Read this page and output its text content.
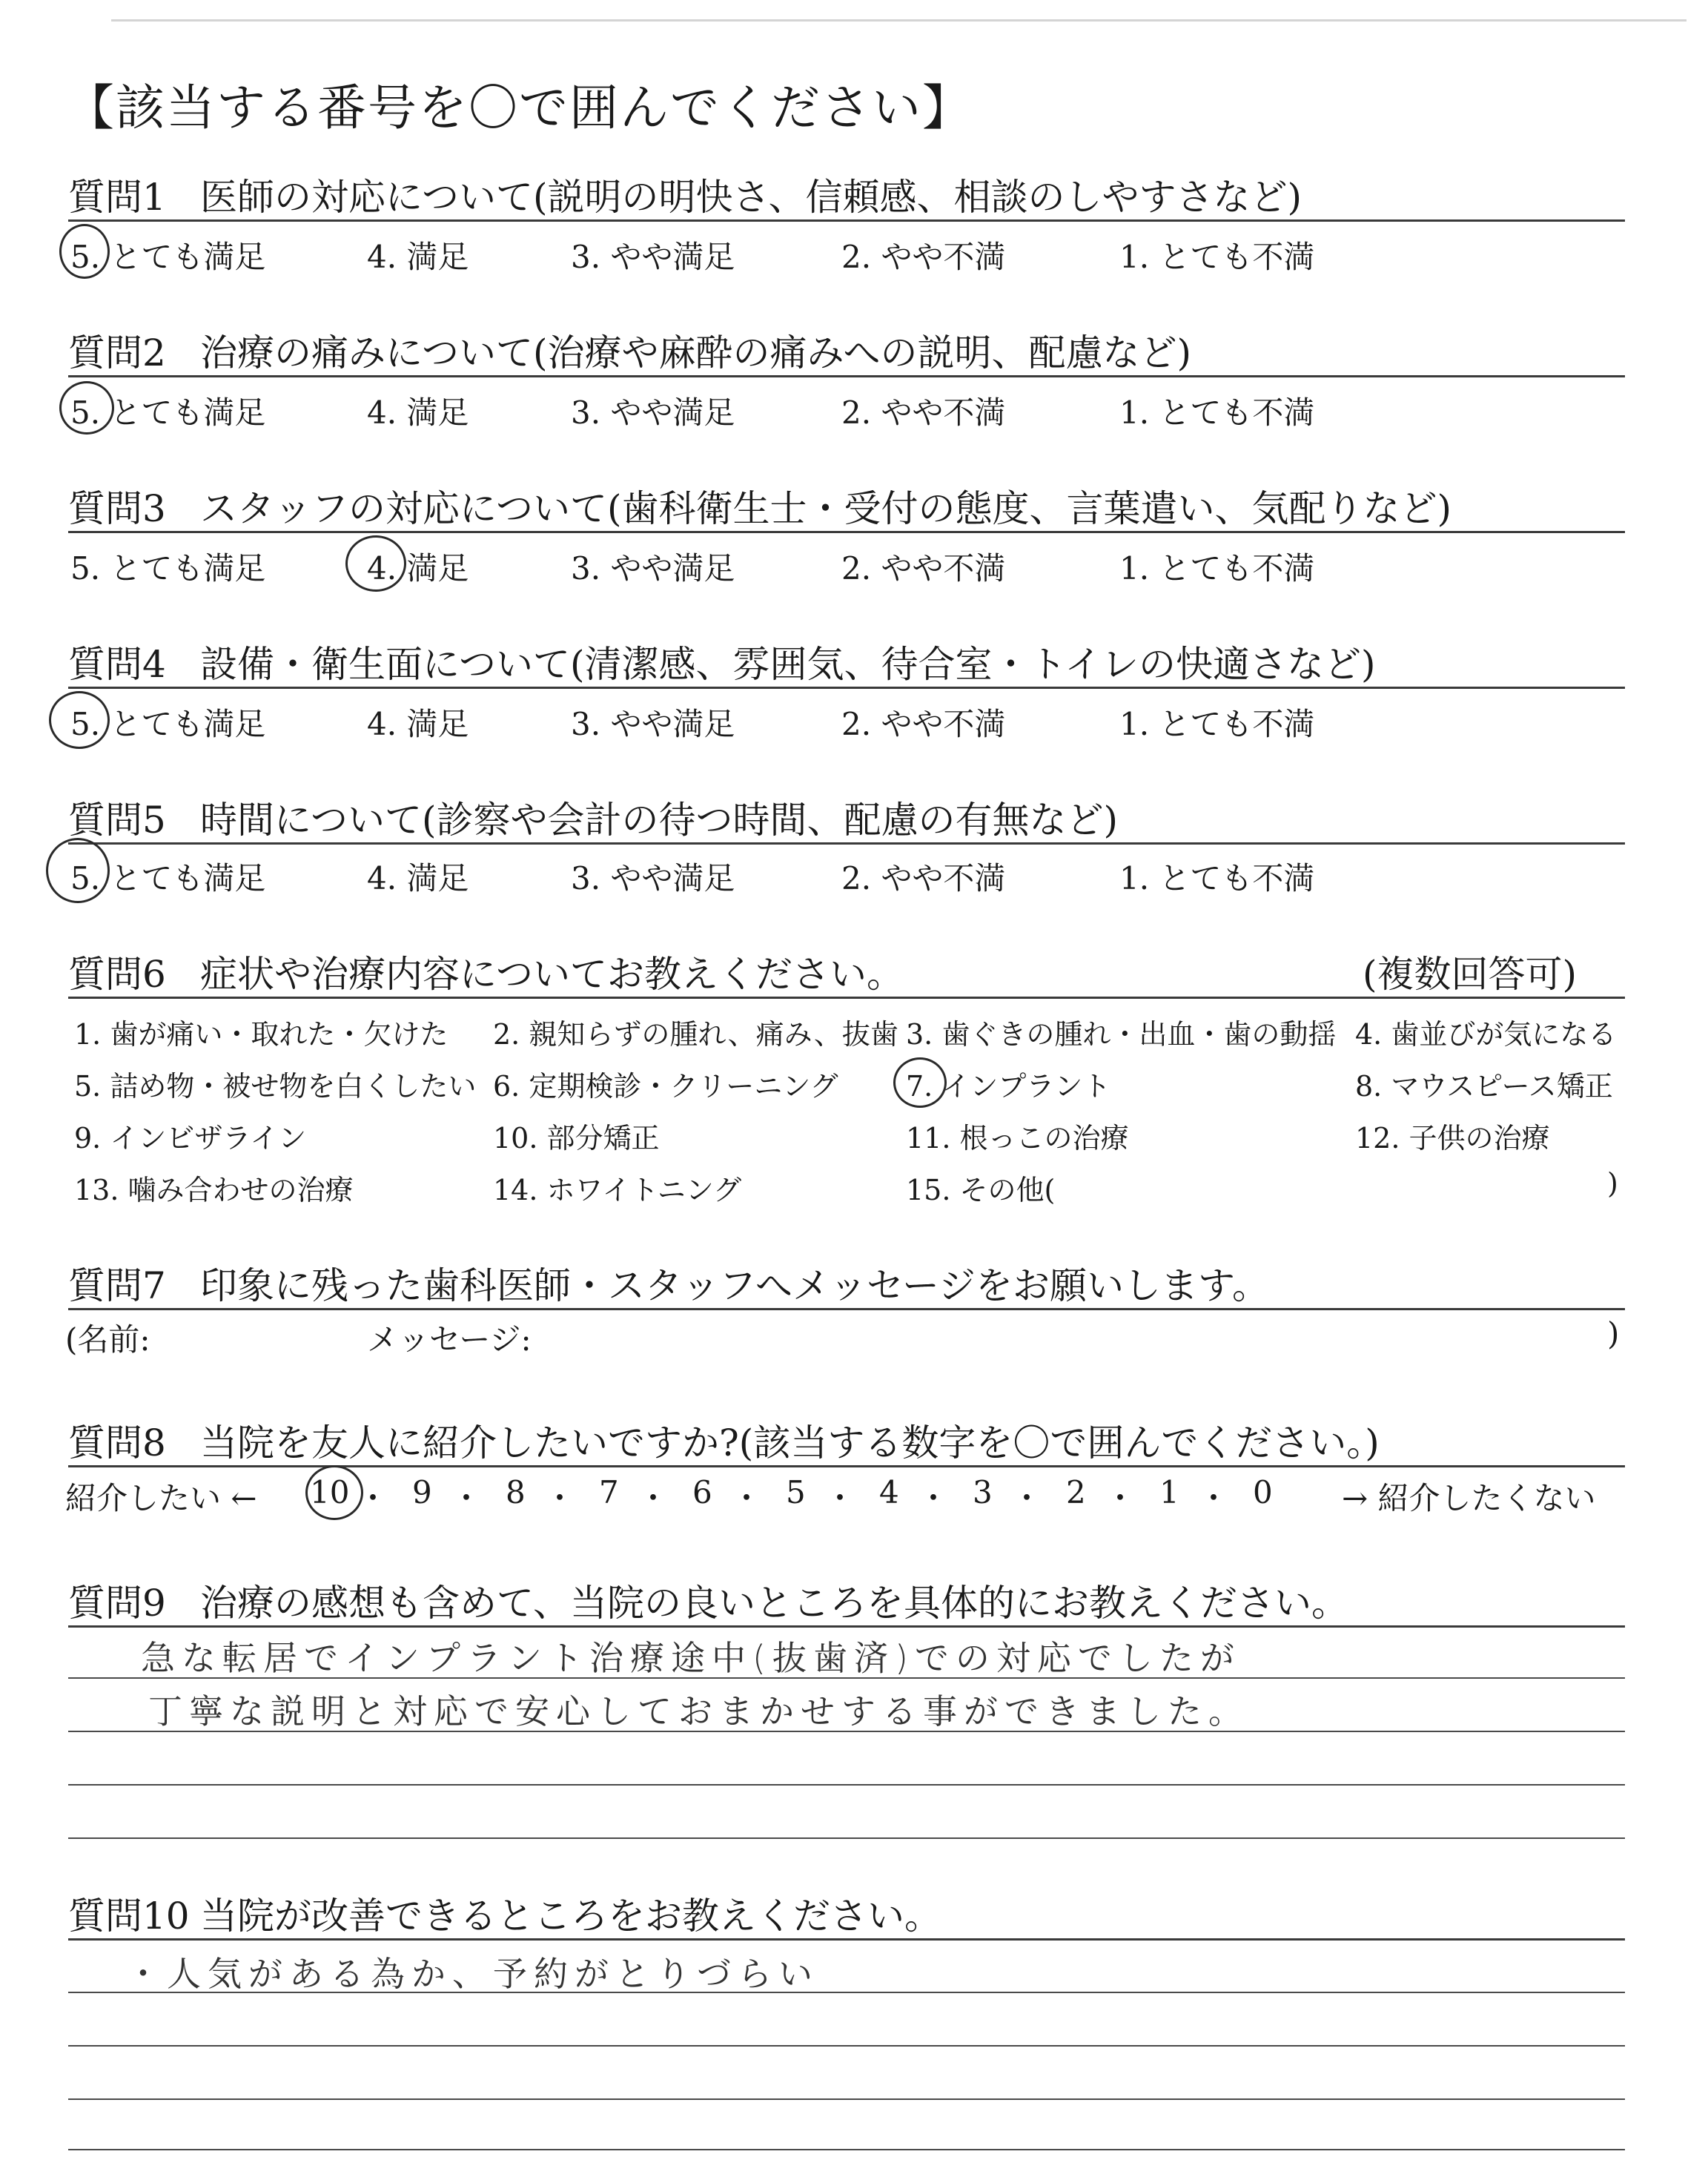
【該当する番号を〇で囲んでください】
質問1 医師の対応について(説明の明快さ、信頼感、相談のしやすさなど)
5. とても満足	4. 満足	3. やや満足	2. やや不満	1. とても不満
質問2 治療の痛みについて(治療や麻酔の痛みへの説明、配慮など)
5. とても満足	4. 満足	3. やや満足	2. やや不満	1. とても不満
質問3 スタッフの対応について(歯科衛生士・受付の態度、言葉遣い、気配りなど)
5. とても満足	4. 満足	3. やや満足	2. やや不満	1. とても不満
質問4 設備・衛生面について(清潔感、雰囲気、待合室・トイレの快適さなど)
5. とても満足	4. 満足	3. やや満足	2. やや不満	1. とても不満
質問5 時間について(診察や会計の待つ時間、配慮の有無など)
5. とても満足	4. 満足	3. やや満足	2. やや不満	1. とても不満
質問6 症状や治療内容についてお教えください。	(複数回答可)
1. 歯が痛い・取れた・欠けた 2. 親知らずの腫れ、痛み、抜歯 3. 歯ぐきの腫れ・出血・歯の動揺 4. 歯並びが気になる
5. 詰め物・被せ物を白くしたい 6. 定期検診・クリーニング 7. インプラント	8. マウスピース矯正
9. インビザライン	10. 部分矯正	11. 根っこの治療	12. 子供の治療
13. 噛み合わせの治療	14. ホワイトニング	15. その他(	)
質問7 印象に残った歯科医師・スタッフへメッセージをお願いします。
(名前:	メッセージ:	)
質問8 当院を友人に紹介したいですか?(該当する数字を〇で囲んでください。)
紹介したい ← 10 ・ 9 ・ 8 ・ 7 ・ 6 ・ 5 ・ 4 ・ 3 ・ 2 ・ 1 ・ 0 → 紹介したくない
質問9 治療の感想も含めて、当院の良いところを具体的にお教えください。
急な転居でインプラント治療途中(抜歯済)での対応でしたが
丁寧な説明と対応で安心しておまかせする事ができました。
質問10 当院が改善できるところをお教えください。
・人気がある為か、予約がとりづらい
